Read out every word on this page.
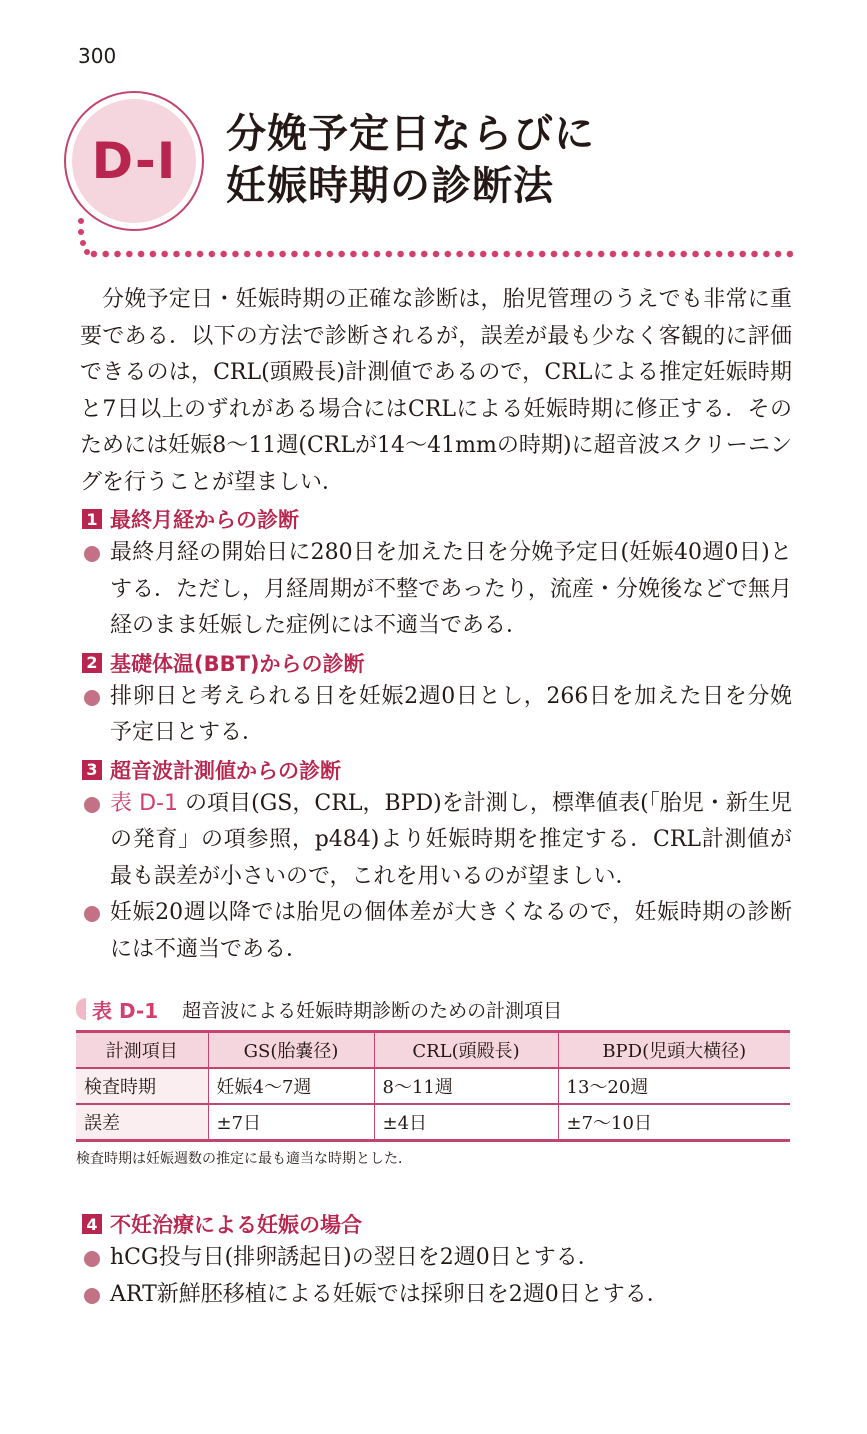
300
D-I 分娩予定日ならびに
妊娠時期の診断法

分娩予定日・妊娠時期の正確な診断は，胎児管理のうえでも非常に重要である．以下の方法で診断されるが，誤差が最も少なく客観的に評価できるのは，CRL(頭殿長)計測値であるので，CRLによる推定妊娠時期と7日以上のずれがある場合にはCRLによる妊娠時期に修正する．そのためには妊娠8～11週(CRLが14～41mmの時期)に超音波スクリーニングを行うことが望ましい．

1 最終月経からの診断
最終月経の開始日に280日を加えた日を分娩予定日(妊娠40週0日)とする．ただし，月経周期が不整であったり，流産・分娩後などで無月経のまま妊娠した症例には不適当である．
2 基礎体温(BBT)からの診断
排卵日と考えられる日を妊娠2週0日とし，266日を加えた日を分娩予定日とする．
3 超音波計測値からの診断
表 D-1 の項目(GS，CRL，BPD)を計測し，標準値表(「胎児・新生児の発育」の項参照，p484)より妊娠時期を推定する．CRL計測値が最も誤差が小さいので，これを用いるのが望ましい．
妊娠20週以降では胎児の個体差が大きくなるので，妊娠時期の診断には不適当である．
表 D-1 超音波による妊娠時期診断のための計測項目
計測項目	GS(胎嚢径)	CRL(頭殿長)	BPD(児頭大横径)
検査時期	妊娠4～7週	8～11週	13～20週
誤差	±7日	±4日	±7～10日
検査時期は妊娠週数の推定に最も適当な時期とした．
4 不妊治療による妊娠の場合
hCG投与日(排卵誘起日)の翌日を2週0日とする．
ART新鮮胚移植による妊娠では採卵日を2週0日とする．
